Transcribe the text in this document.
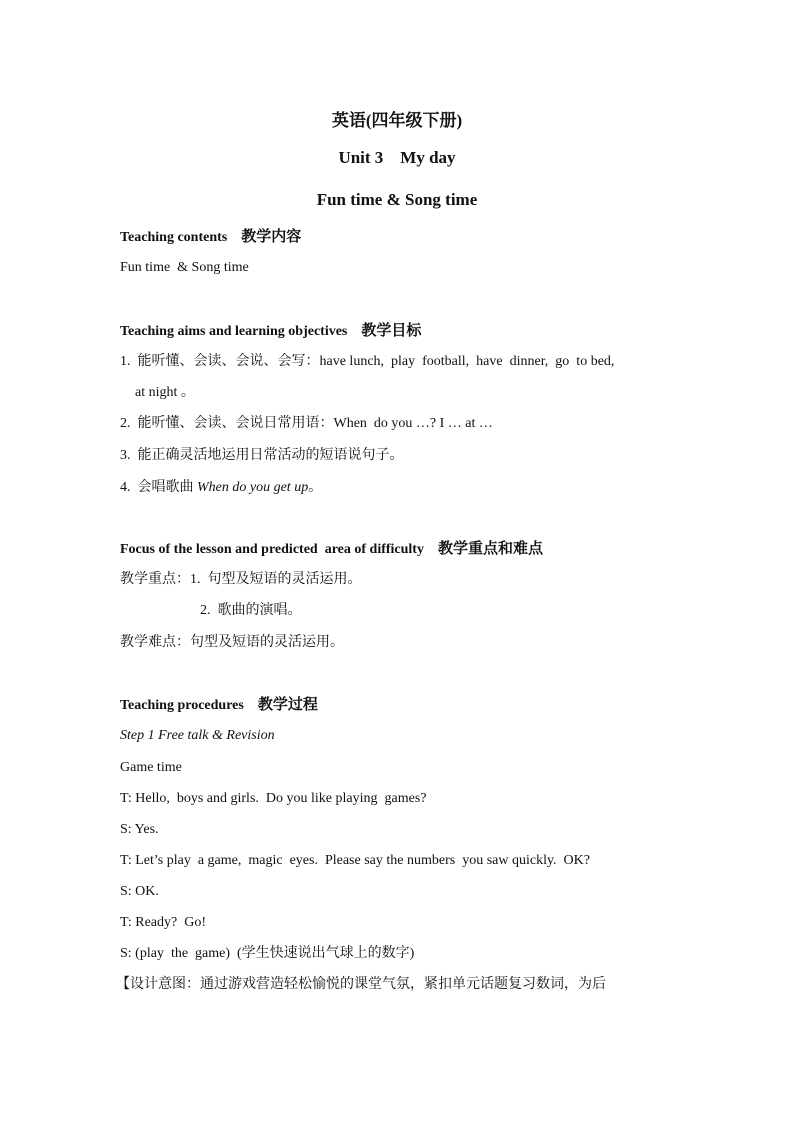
英语(四年级下册)
Unit 3    My day
Fun time & Song time
Teaching contents 教学内容
Fun time  & Song time
Teaching aims and learning objectives 教学目标
1.  能听懂、会读、会说、会写：have lunch,  play  football,  have  dinner,  go  to bed,
at night 。
2.  能听懂、会读、会说日常用语：When  do you …? I … at …
3.  能正确灵活地运用日常活动的短语说句子。
4.  会唱歌曲 When do you get up。
Focus of the lesson and predicted  area of difficulty 教学重点和难点
教学重点：1.  句型及短语的灵活运用。
2.  歌曲的演唱。
教学难点：句型及短语的灵活运用。
Teaching procedures 教学过程
Step 1 Free talk & Revision
Game time
T: Hello,  boys and girls.  Do you like playing  games?
S: Yes.
T: Let’s play  a game,  magic  eyes.  Please say the numbers  you saw quickly.  OK?
S: OK.
T: Ready?  Go!
S: (play  the  game)  (学生快速说出气球上的数字)
【设计意图：通过游戏营造轻松愉悦的课堂气氛，紧扣单元话题复习数词，为后
